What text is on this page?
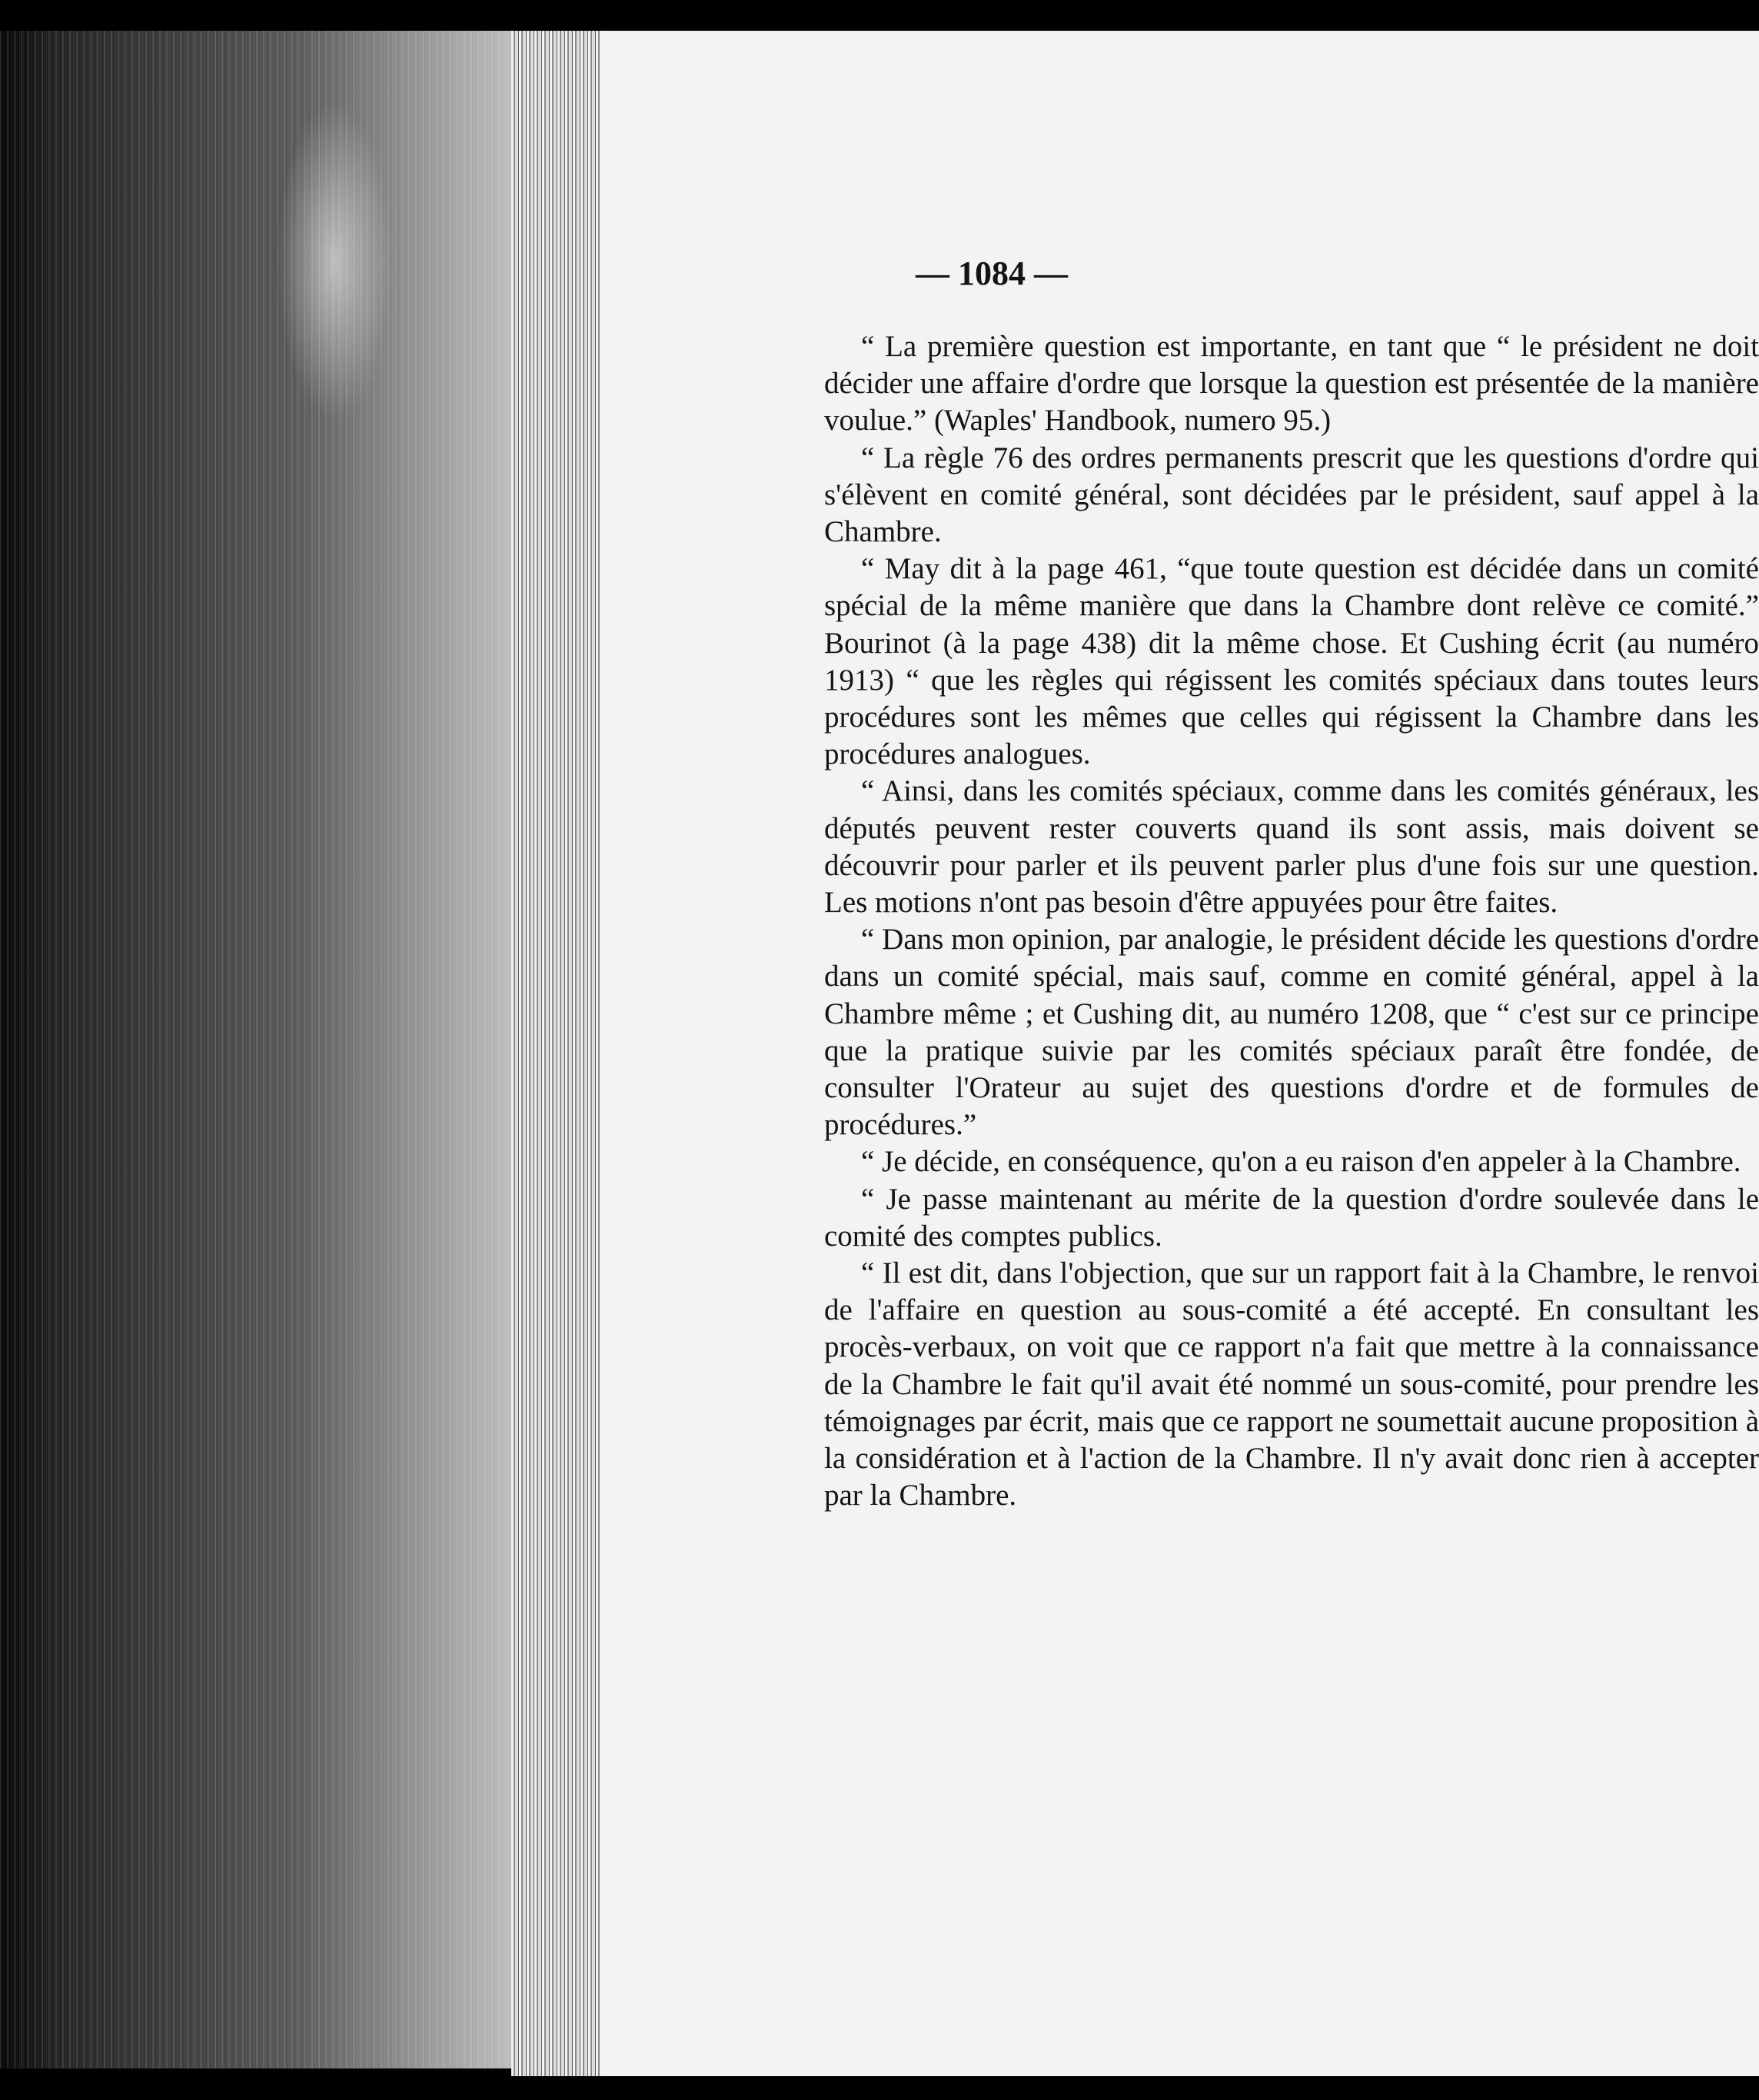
— 1084 —

“ La première question est importante, en tant que “ le président ne doit décider une affaire d'ordre que lorsque la question est présentée de la manière voulue.” (Waples' Handbook, numero 95.)

“ La règle 76 des ordres permanents prescrit que les questions d'ordre qui s'élèvent en comité général, sont décidées par le président, sauf appel à la Chambre.

“ May dit à la page 461, “que toute question est décidée dans un comité spécial de la même manière que dans la Chambre dont relève ce comité.” Bourinot (à la page 438) dit la même chose. Et Cushing écrit (au numéro 1913) “ que les règles qui régissent les comités spéciaux dans toutes leurs procédures sont les mêmes que celles qui régissent la Chambre dans les procédures analogues.

“ Ainsi, dans les comités spéciaux, comme dans les comités généraux, les députés peuvent rester couverts quand ils sont assis, mais doivent se découvrir pour parler et ils peuvent parler plus d'une fois sur une question. Les motions n'ont pas besoin d'être appuyées pour être faites.

“ Dans mon opinion, par analogie, le président décide les questions d'ordre dans un comité spécial, mais sauf, comme en comité général, appel à la Chambre même ; et Cushing dit, au numéro 1208, que “ c'est sur ce principe que la pratique suivie par les comités spéciaux paraît être fondée, de consulter l'Orateur au sujet des questions d'ordre et de formules de procédures.”

“ Je décide, en conséquence, qu'on a eu raison d'en appeler à la Chambre.

“ Je passe maintenant au mérite de la question d'ordre soulevée dans le comité des comptes publics.

“ Il est dit, dans l'objection, que sur un rapport fait à la Chambre, le renvoi de l'affaire en question au sous-comité a été accepté. En consultant les procès-verbaux, on voit que ce rapport n'a fait que mettre à la connaissance de la Chambre le fait qu'il avait été nommé un sous-comité, pour prendre les témoignages par écrit, mais que ce rapport ne soumettait aucune proposition à la considération et à l'action de la Chambre. Il n'y avait donc rien à accepter par la Chambre.
